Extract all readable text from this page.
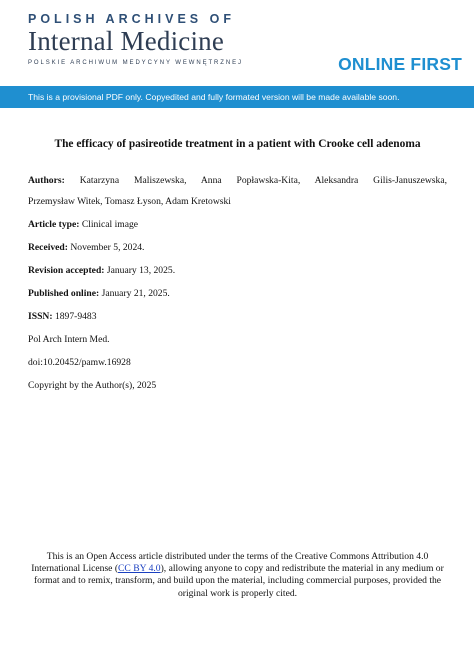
POLISH ARCHIVES OF
Internal Medicine
POLSKIE ARCHIWUM MEDYCYNY WEWNĘTRZNEJ	ONLINE FIRST
This is a provisional PDF only. Copyedited and fully formated version will be made available soon.

The efficacy of pasireotide treatment in a patient with Crooke cell adenoma

Authors: Katarzyna Maliszewska, Anna Popławska-Kita, Aleksandra Gilis-Januszewska,

Przemysław Witek, Tomasz Łyson, Adam Kretowski

Article type: Clinical image

Received: November 5, 2024.

Revision accepted: January 13, 2025.

Published online: January 21, 2025.

ISSN: 1897-9483

Pol Arch Intern Med.

doi:10.20452/pamw.16928

Copyright by the Author(s), 2025

This is an Open Access article distributed under the terms of the Creative Commons Attribution 4.0 International License (CC BY 4.0), allowing anyone to copy and redistribute the material in any medium or format and to remix, transform, and build upon the material, including commercial purposes, provided the original work is properly cited.
